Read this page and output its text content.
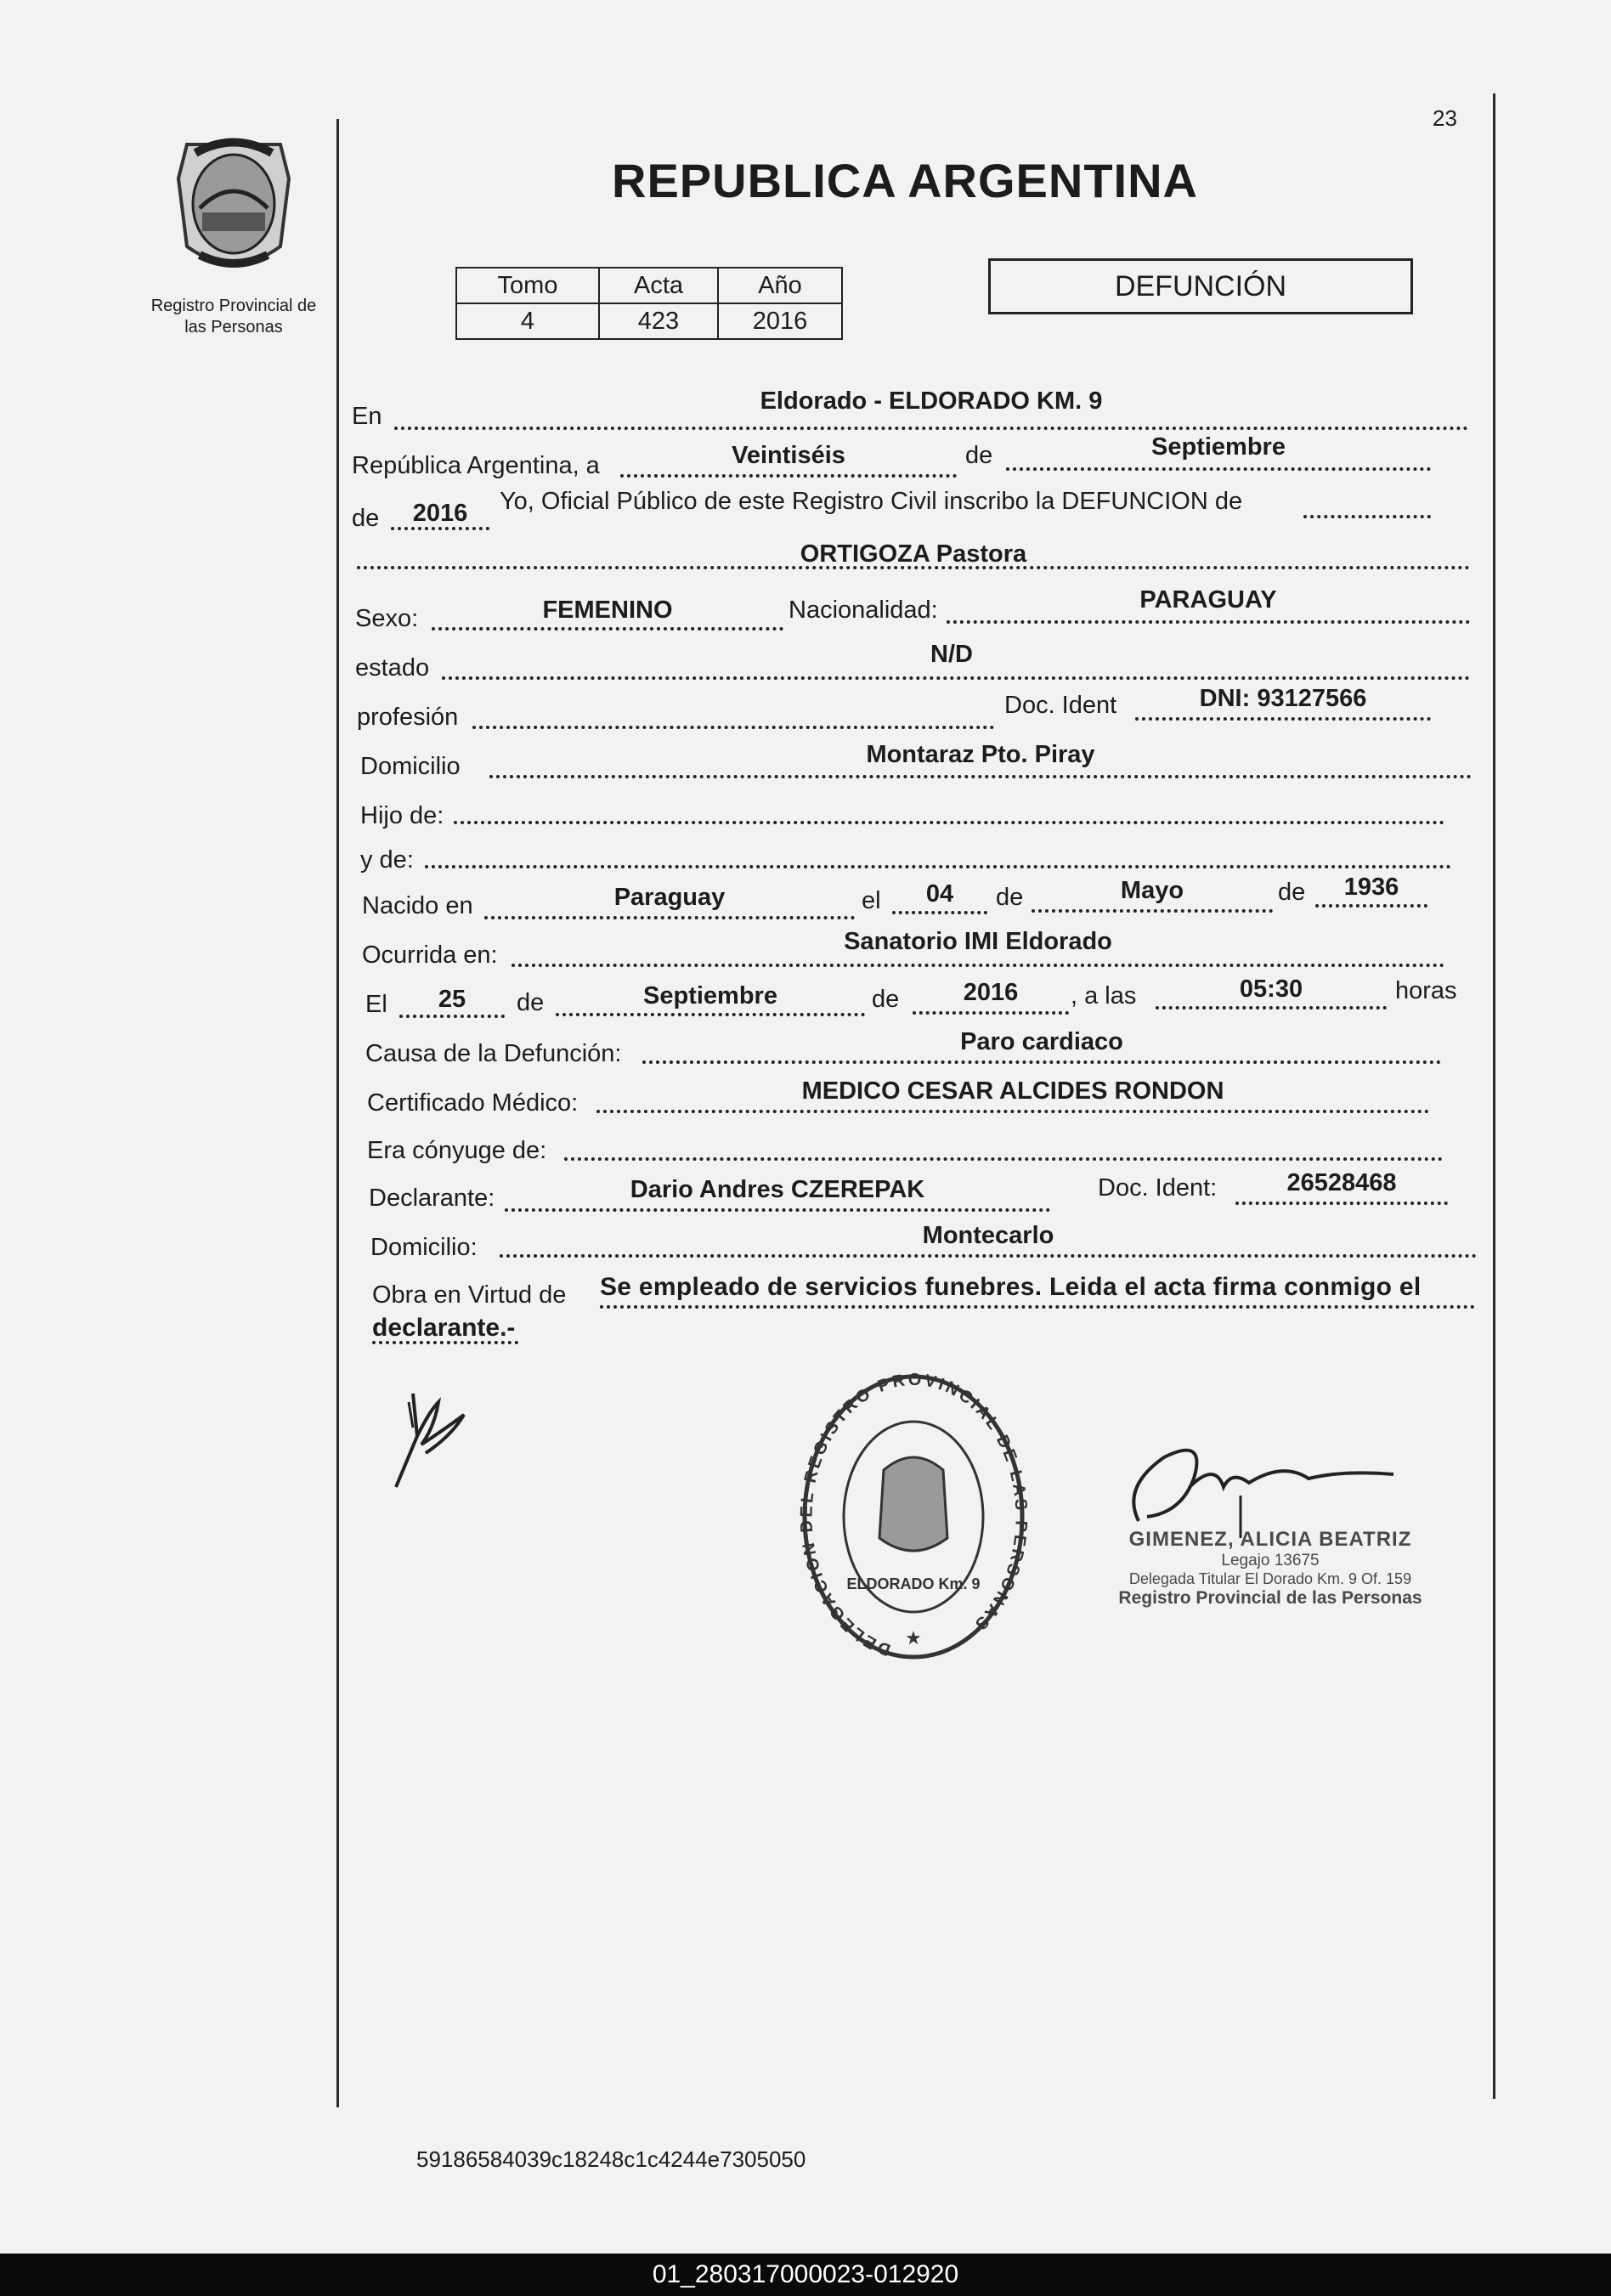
23
Registro Provincial de
las Personas
REPUBLICA ARGENTINA
Tomo	Acta	Año
4	423	2016
DEFUNCIÓN
En
Eldorado - ELDORADO KM. 9
República Argentina, a	Veintiséis	de	Septiembre
de	2016	Yo, Oficial Público de este Registro Civil inscribo la DEFUNCION de
ORTIGOZA Pastora
Sexo:	FEMENINO	Nacionalidad:	PARAGUAY
estado	N/D
profesión	Doc. Ident	DNI: 93127566
Domicilio	Montaraz Pto. Piray
Hijo de:
y de:
Nacido en	Paraguay	el	04	de	Mayo	de	1936
Ocurrida en:	Sanatorio IMI Eldorado
El	25	de	Septiembre	de	2016	, a las	05:30	horas
Causa de la Defunción:	Paro cardiaco
Certificado Médico:	MEDICO CESAR ALCIDES RONDON
Era cónyuge de:
Declarante:	Dario Andres CZEREPAK	Doc. Ident:	26528468
Domicilio:	Montecarlo
Obra en Virtud de Se empleado de servicios funebres. Leida el acta firma conmigo el
declarante.-
DELEGACION DEL REGISTRO PROVINCIAL DE LAS PERSONAS
ELDORADO Km. 9
★
GIMENEZ, ALICIA BEATRIZ
Legajo 13675
Delegada Titular El Dorado Km. 9 Of. 159
Registro Provincial de las Personas
59186584039c18248c1c4244e7305050
01_280317000023-012920
